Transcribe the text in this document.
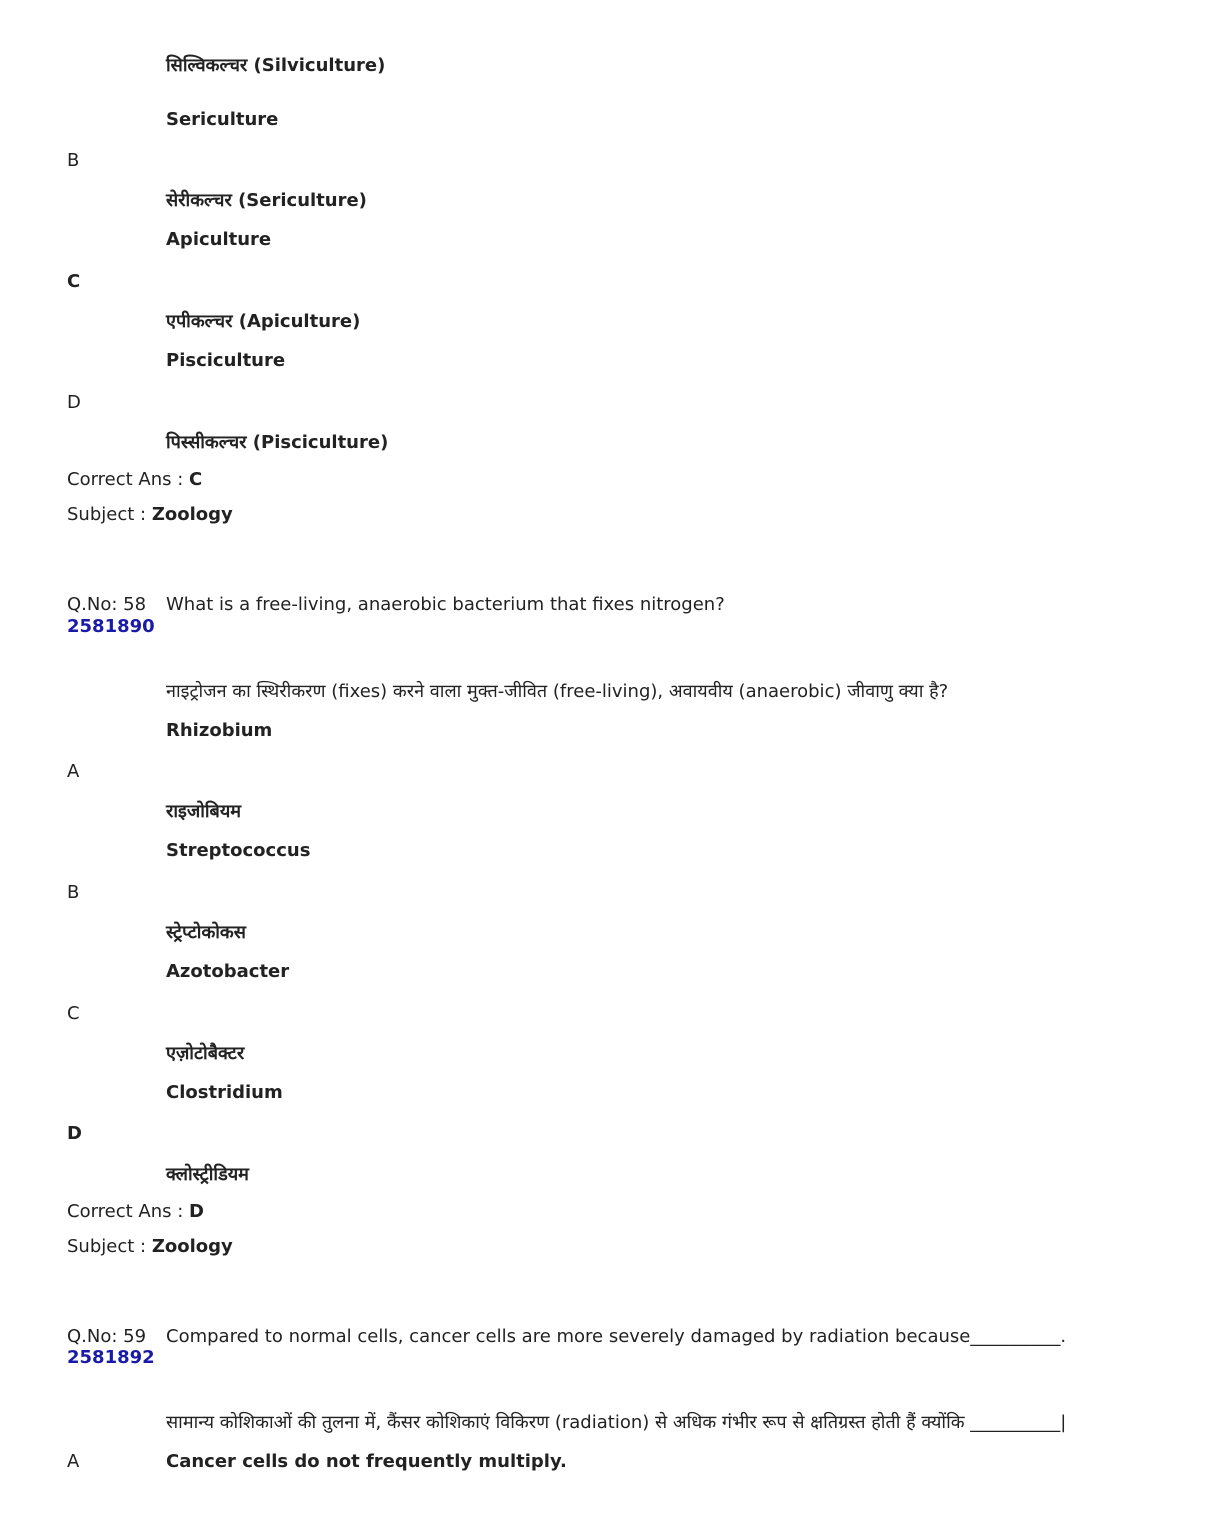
सिल्विकल्चर (Silviculture)
Sericulture
B
सेरीकल्चर (Sericulture)
Apiculture
C
एपीकल्चर (Apiculture)
Pisciculture
D
पिस्सीकल्चर (Pisciculture)
Correct Ans : C
Subject : Zoology
Q.No: 58
2581890
What is a free-living, anaerobic bacterium that fixes nitrogen?
नाइट्रोजन का स्थिरीकरण (fixes) करने वाला मुक्त-जीवित (free-living), अवायवीय (anaerobic) जीवाणु क्या है?
Rhizobium
A
राइजोबियम
Streptococcus
B
स्ट्रेप्टोकोकस
Azotobacter
C
एज़ोटोबैक्टर
Clostridium
D
क्लोस्ट्रीडियम
Correct Ans : D
Subject : Zoology
Q.No: 59
2581892
Compared to normal cells, cancer cells are more severely damaged by radiation because__________.
सामान्य कोशिकाओं की तुलना में, कैंसर कोशिकाएं विकिरण (radiation) से अधिक गंभीर रूप से क्षतिग्रस्त होती हैं क्योंकि __________|
A	Cancer cells do not frequently multiply.
